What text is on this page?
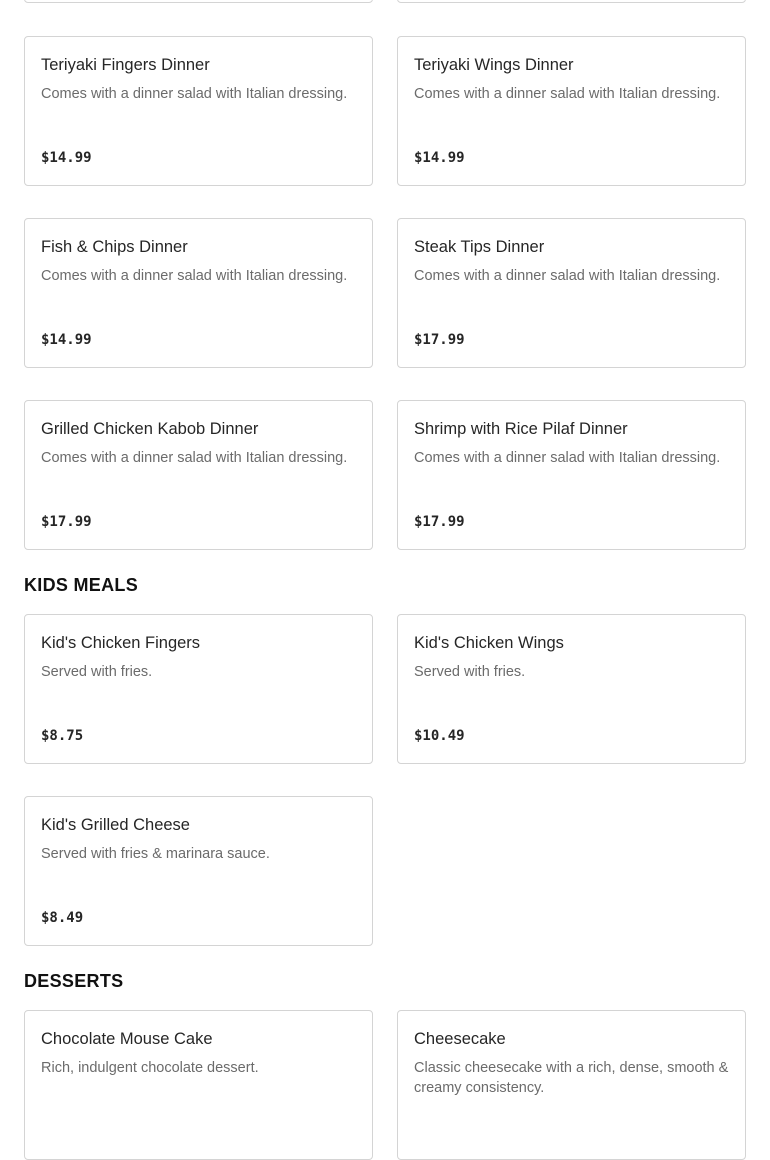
Teriyaki Fingers Dinner
Comes with a dinner salad with Italian dressing.
$14.99
Teriyaki Wings Dinner
Comes with a dinner salad with Italian dressing.
$14.99
Fish & Chips Dinner
Comes with a dinner salad with Italian dressing.
$14.99
Steak Tips Dinner
Comes with a dinner salad with Italian dressing.
$17.99
Grilled Chicken Kabob Dinner
Comes with a dinner salad with Italian dressing.
$17.99
Shrimp with Rice Pilaf Dinner
Comes with a dinner salad with Italian dressing.
$17.99
KIDS MEALS
Kid's Chicken Fingers
Served with fries.
$8.75
Kid's Chicken Wings
Served with fries.
$10.49
Kid's Grilled Cheese
Served with fries & marinara sauce.
$8.49
DESSERTS
Chocolate Mouse Cake
Rich, indulgent chocolate dessert.
Cheesecake
Classic cheesecake with a rich, dense, smooth & creamy consistency.
